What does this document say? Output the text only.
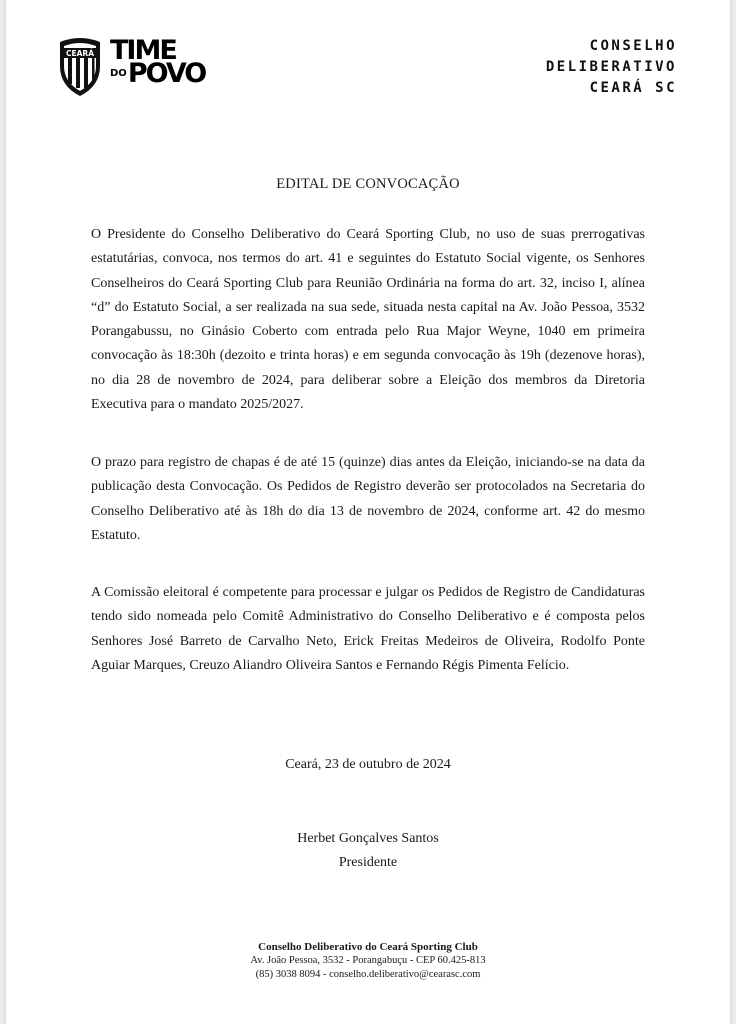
CEARÁ TIME
$^{DO}$POVO
CONSELHO
DELIBERATIVO
CEARÁ SC
EDITAL DE CONVOCAÇÃO

O Presidente do Conselho Deliberativo do Ceará Sporting Club, no uso de suas prerrogativas estatutárias, convoca, nos termos do art. 41 e seguintes do Estatuto Social vigente, os Senhores Conselheiros do Ceará Sporting Club para Reunião Ordinária na forma do art. 32, inciso I, alínea “d” do Estatuto Social, a ser realizada na sua sede, situada nesta capital na Av. João Pessoa, 3532 Porangabussu, no Ginásio Coberto com entrada pelo Rua Major Weyne, 1040 em primeira convocação às 18:30h (dezoito e trinta horas) e em segunda convocação às 19h (dezenove horas), no dia 28 de novembro de 2024, para deliberar sobre a Eleição dos membros da Diretoria Executiva para o mandato 2025/2027.

O prazo para registro de chapas é de até 15 (quinze) dias antes da Eleição, iniciando-se na data da publicação desta Convocação. Os Pedidos de Registro deverão ser protocolados na Secretaria do Conselho Deliberativo até às 18h do dia 13 de novembro de 2024, conforme art. 42 do mesmo Estatuto.

A Comissão eleitoral é competente para processar e julgar os Pedidos de Registro de Candidaturas tendo sido nomeada pelo Comitê Administrativo do Conselho Deliberativo e é composta pelos Senhores José Barreto de Carvalho Neto, Erick Freitas Medeiros de Oliveira, Rodolfo Ponte Aguiar Marques, Creuzo Aliandro Oliveira Santos e Fernando Régis Pimenta Felício.

Ceará, 23 de outubro de 2024
Herbet Gonçalves Santos
Presidente
Conselho Deliberativo do Ceará Sporting Club
Av. João Pessoa, 3532 - Porangabuçu - CEP 60.425-813
(85) 3038 8094 - conselho.deliberativo@cearasc.com
